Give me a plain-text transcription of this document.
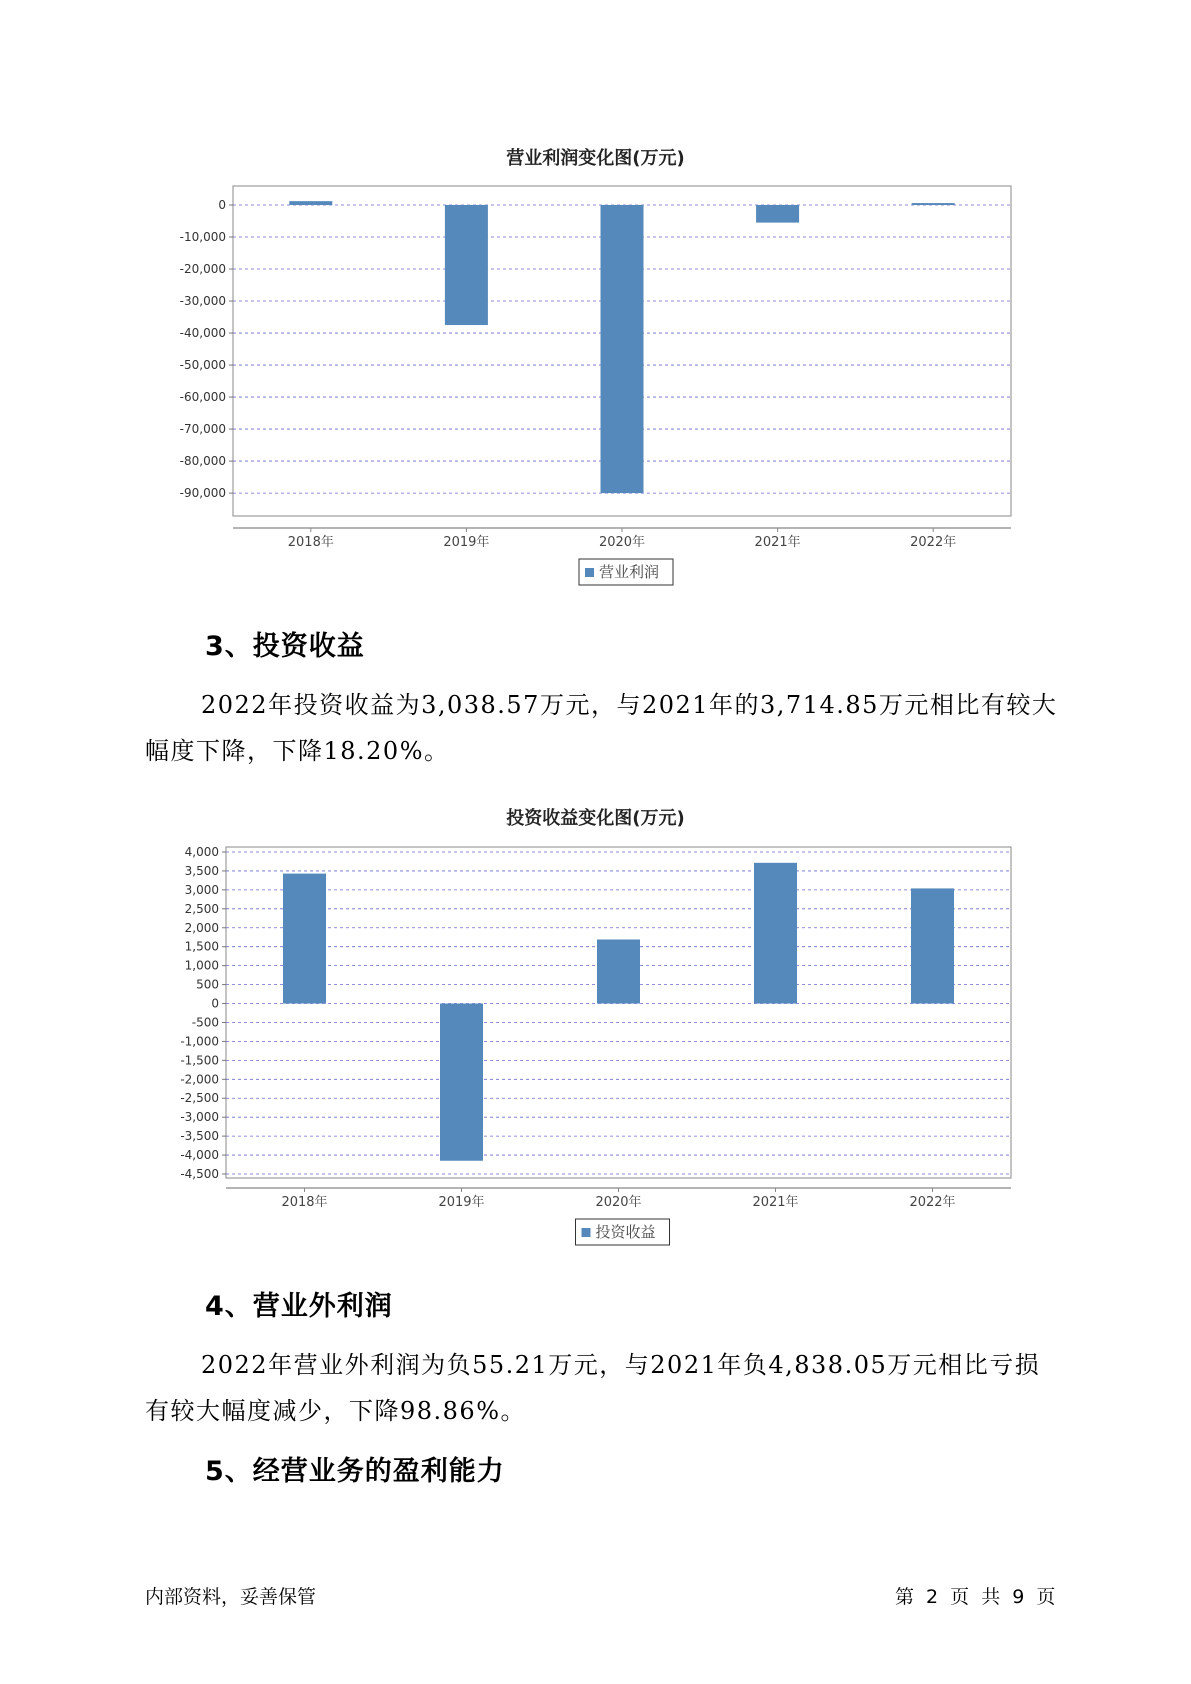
营业利润变化图(万元)
0
-10,000
-20,000
-30,000
-40,000
-50,000
-60,000
-70,000
-80,000
-90,000
2018年	2019年	2020年	2021年	2022年
营业利润
3、投资收益

2022年投资收益为3,038.57万元，与2021年的3,714.85万元相比有较大幅度下降，下降18.20%。

投资收益变化图(万元)
4,000
3,500
3,000
2,500
2,000
1,500
1,000
500
0
-500
-1,000
-1,500
-2,000
-2,500
-3,000
-3,500
-4,000
-4,500
2018年	2019年	2020年	2021年	2022年
投资收益
4、营业外利润

2022年营业外利润为负55.21万元，与2021年负4,838.05万元相比亏损有较大幅度减少，下降98.86%。

5、经营业务的盈利能力
内部资料，妥善保管	第 2 页 共 9 页
